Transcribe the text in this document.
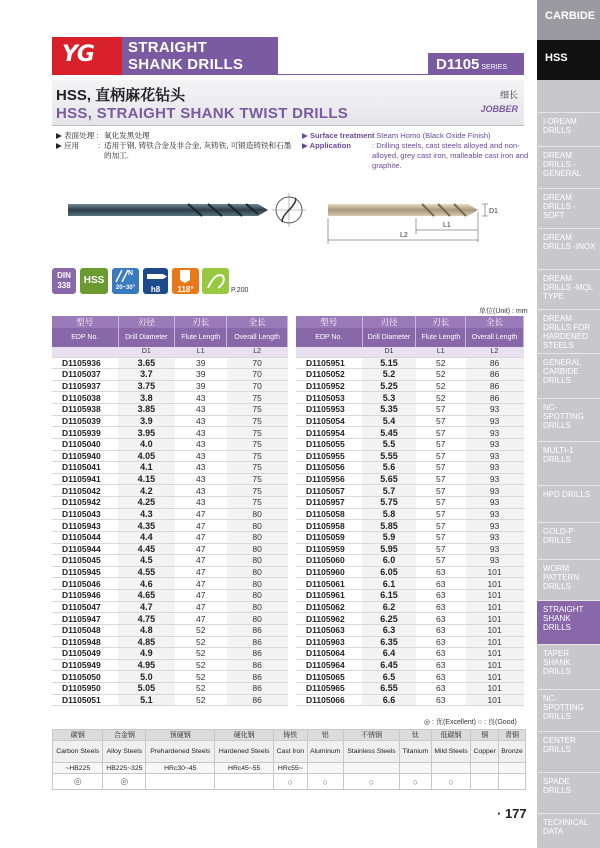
CARBIDE
HSS
I-DREAM DRILLS
DREAM DRILLS -GENERAL
DREAM DRILLS -SOFT
DREAM DRILLS -INOX
DREAM DRILLS -MQL TYPE
DREAM DRILLS FOR HARDENED STEELS
GENERAL CARBIDE DRILLS
NC-SPOTTING DRILLS
MULTI-1 DRILLS
HPD DRILLS
GOLD-P DRILLS
WORM PATTERN DRILLS
STRAIGHT SHANK DRILLS
TAPER SHANK DRILLS
NC-SPOTTING DRILLS
CENTER DRILLS
SPADE DRILLS
TECHNICAL DATA
YG STRAIGHT
SHANK DRILLS	D1105 SERIES
HSS, 直柄麻花钻头
HSS, STRAIGHT SHANK TWIST DRILLS
细长
JOBBER
▶ 表面处理 : 氧化发黑处理
▶ 应用 : 适用于钢, 铸铁合金及非合金, 灰铸铁, 可锻造铸铁和石墨的加工.
▶ Surface treatment
: Steam Homo (Black Oxide Finish)
▶ Application	: Drilling steels, cast steels alloyed and non-alloyed, grey cast iron, malleable cast iron and graphite.
D1
L1
L2
DIN
338	HSS
N
20~30°	h8	118°	P.200
单位(Unit) : mm
型号	刃径	刃长	全长
EDP No.	Drill Diameter	Flute Length	Overall Length
	D1	L1	L2
D1105936	3.65	39	70
D1105037	3.7	39	70
D1105937	3.75	39	70
D1105038	3.8	43	75
D1105938	3.85	43	75
D1105039	3.9	43	75
D1105939	3.95	43	75
D1105040	4.0	43	75
D1105940	4.05	43	75
D1105041	4.1	43	75
D1105941	4.15	43	75
D1105042	4.2	43	75
D1105942	4.25	43	75
D1105043	4.3	47	80
D1105943	4.35	47	80
D1105044	4.4	47	80
D1105944	4.45	47	80
D1105045	4.5	47	80
D1105945	4.55	47	80
D1105046	4.6	47	80
D1105946	4.65	47	80
D1105047	4.7	47	80
D1105947	4.75	47	80
D1105048	4.8	52	86
D1105948	4.85	52	86
D1105049	4.9	52	86
D1105949	4.95	52	86
D1105050	5.0	52	86
D1105950	5.05	52	86
D1105051	5.1	52	86
型号	刃径	刃长	全长
EDP No.	Drill Diameter	Flute Length	Overall Length
	D1	L1	L2
D1105951	5.15	52	86
D1105052	5.2	52	86
D1105952	5.25	52	86
D1105053	5.3	52	86
D1105953	5.35	57	93
D1105054	5.4	57	93
D1105954	5.45	57	93
D1105055	5.5	57	93
D1105955	5.55	57	93
D1105056	5.6	57	93
D1105956	5.65	57	93
D1105057	5.7	57	93
D1105957	5.75	57	93
D1105058	5.8	57	93
D1105958	5.85	57	93
D1105059	5.9	57	93
D1105959	5.95	57	93
D1105060	6.0	57	93
D1105960	6.05	63	101
D1105061	6.1	63	101
D1105961	6.15	63	101
D1105062	6.2	63	101
D1105962	6.25	63	101
D1105063	6.3	63	101
D1105963	6.35	63	101
D1105064	6.4	63	101
D1105964	6.45	63	101
D1105065	6.5	63	101
D1105965	6.55	63	101
D1105066	6.6	63	101
◎ : 优(Excellent) ○ : 良(Good)
碳钢	合金钢	预硬钢	硬化钢	铸铁	铝	不锈钢	钛	低碳钢	铜	青铜
Carbon Steels	Alloy Steels	Prehardened Steels	Hardened Steels	Cast Iron	Aluminum	Stainless Steels	Titanium	Mild Steels	Copper	Bronze
~HB225	HB225~325	HRc30~45	HRc45~55	HRc55~						
◎	◎			○	○	○	○	○		
· 177
